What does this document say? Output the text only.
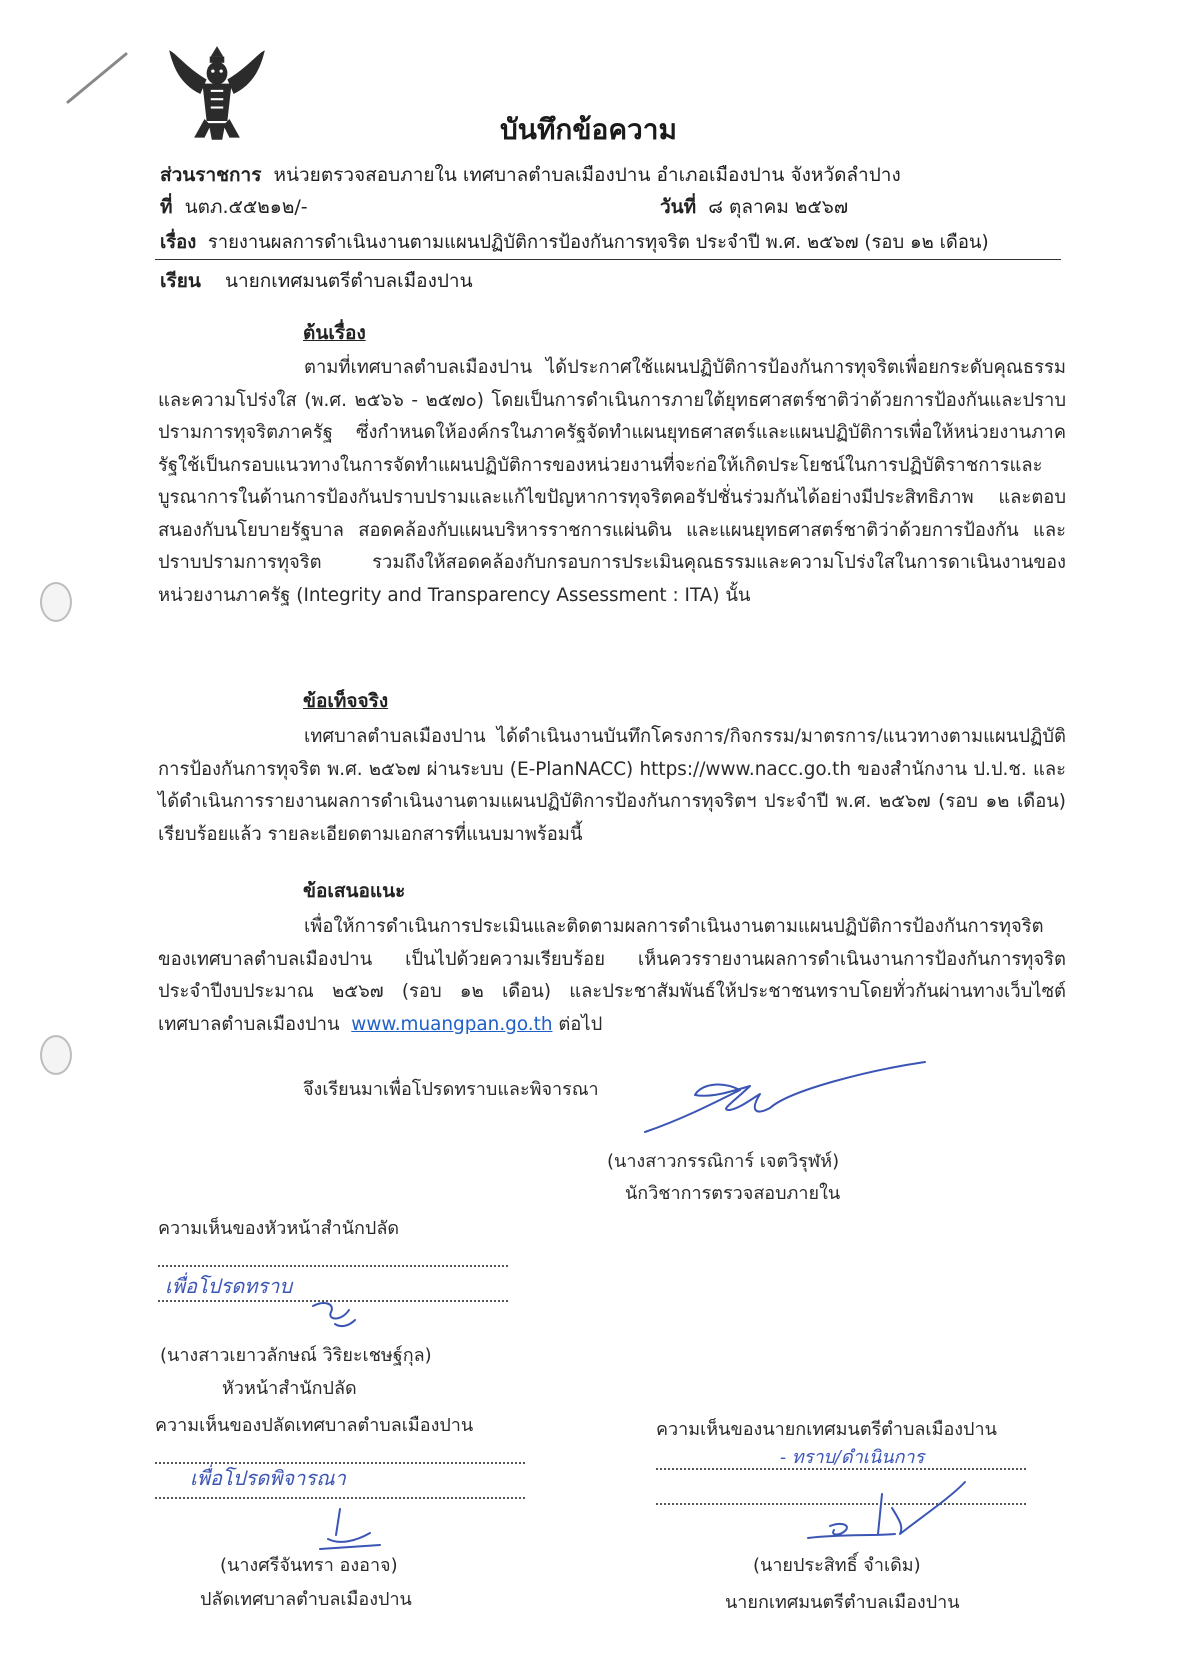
บันทึกข้อความ
ส่วนราชการ หน่วยตรวจสอบภายใน เทศบาลตำบลเมืองปาน อำเภอเมืองปาน จังหวัดลำปาง
ที่ นตภ.๕๕๒๑๒/-	วันที่ ๘ ตุลาคม ๒๕๖๗
เรื่อง รายงานผลการดำเนินงานตามแผนปฏิบัติการป้องกันการทุจริต ประจำปี พ.ศ. ๒๕๖๗ (รอบ ๑๒ เดือน)
เรียน นายกเทศมนตรีตำบลเมืองปาน
ต้นเรื่อง
ตามที่เทศบาลตำบลเมืองปาน ได้ประกาศใช้แผนปฏิบัติการป้องกันการทุจริตเพื่อยกระดับคุณธรรมและความโปร่งใส (พ.ศ. ๒๕๖๖ - ๒๕๗๐) โดยเป็นการดำเนินการภายใต้ยุทธศาสตร์ชาติว่าด้วยการป้องกันและปราบปรามการทุจริตภาครัฐ ซึ่งกำหนดให้องค์กรในภาครัฐจัดทำแผนยุทธศาสตร์และแผนปฏิบัติการเพื่อให้หน่วยงานภาครัฐใช้เป็นกรอบแนวทางในการจัดทำแผนปฏิบัติการของหน่วยงานที่จะก่อให้เกิดประโยชน์ในการปฏิบัติราชการและบูรณาการในด้านการป้องกันปราบปรามและแก้ไขปัญหาการทุจริตคอรัปชั่นร่วมกันได้อย่างมีประสิทธิภาพ และตอบสนองกับนโยบายรัฐบาล สอดคล้องกับแผนบริหารราชการแผ่นดิน และแผนยุทธศาสตร์ชาติว่าด้วยการป้องกัน และปราบปรามการทุจริต รวมถึงให้สอดคล้องกับกรอบการประเมินคุณธรรมและความโปร่งใสในการดาเนินงานของหน่วยงานภาครัฐ (Integrity and Transparency Assessment : ITA) นั้น
ข้อเท็จจริง
เทศบาลตำบลเมืองปาน ได้ดำเนินงานบันทึกโครงการ/กิจกรรม/มาตรการ/แนวทางตามแผนปฏิบัติการป้องกันการทุจริต พ.ศ. ๒๕๖๗ ผ่านระบบ (E-PlanNACC) https://www.nacc.go.th ของสำนักงาน ป.ป.ช. และได้ดำเนินการรายงานผลการดำเนินงานตามแผนปฏิบัติการป้องกันการทุจริตฯ ประจำปี พ.ศ. ๒๕๖๗ (รอบ ๑๒ เดือน) เรียบร้อยแล้ว รายละเอียดตามเอกสารที่แนบมาพร้อมนี้
ข้อเสนอแนะ
เพื่อให้การดำเนินการประเมินและติดตามผลการดำเนินงานตามแผนปฏิบัติการป้องกันการทุจริต ของเทศบาลตำบลเมืองปาน เป็นไปด้วยความเรียบร้อย เห็นควรรายงานผลการดำเนินงานการป้องกันการทุจริต ประจำปีงบประมาณ ๒๕๖๗ (รอบ ๑๒ เดือน) และประชาสัมพันธ์ให้ประชาชนทราบโดยทั่วกันผ่านทางเว็บไซต์ เทศบาลตำบลเมืองปาน www.muangpan.go.th ต่อไป
จึงเรียนมาเพื่อโปรดทราบและพิจารณา
(นางสาวกรรณิการ์ เจตวิรุฬห์)
นักวิชาการตรวจสอบภายใน
ความเห็นของหัวหน้าสำนักปลัด
เพื่อโปรดทราบ
(นางสาวเยาวลักษณ์ วิริยะเชษฐ์กุล)
หัวหน้าสำนักปลัด
ความเห็นของปลัดเทศบาลตำบลเมืองปาน
เพื่อโปรดพิจารณา
(นางศรีจันทรา องอาจ)
ปลัดเทศบาลตำบลเมืองปาน
ความเห็นของนายกเทศมนตรีตำบลเมืองปาน
- ทราบ/ดำเนินการ
(นายประสิทธิ์ จำเดิม)
นายกเทศมนตรีตำบลเมืองปาน
